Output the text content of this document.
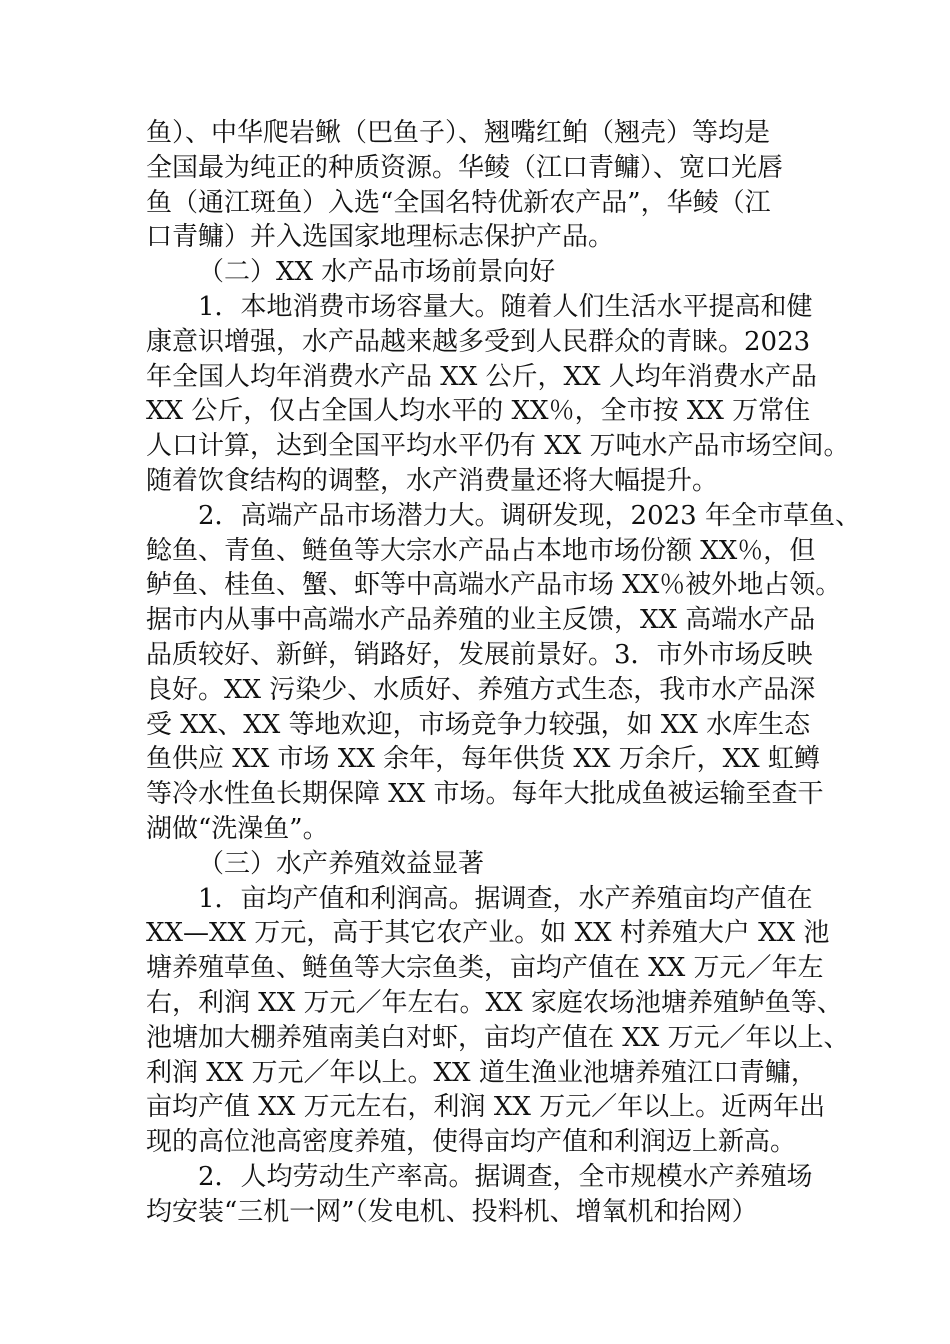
鱼）、中华爬岩鳅（巴鱼子）、翘嘴红鲌（翘壳）等均是
全国最为纯正的种质资源。华鲮（江口青鳙）、宽口光唇
鱼（通江斑鱼）入选“全国名特优新农产品”，华鲮（江
口青鳙）并入选国家地理标志保护产品。
（二）XX 水产品市场前景向好
1．本地消费市场容量大。随着人们生活水平提高和健
康意识增强，水产品越来越多受到人民群众的青睐。2023
年全国人均年消费水产品 XX 公斤，XX 人均年消费水产品
XX 公斤，仅占全国人均水平的 XX％，全市按 XX 万常住
人口计算，达到全国平均水平仍有 XX 万吨水产品市场空间。
随着饮食结构的调整，水产消费量还将大幅提升。
2．高端产品市场潜力大。调研发现，2023 年全市草鱼、
鲶鱼、青鱼、鲢鱼等大宗水产品占本地市场份额 XX％，但
鲈鱼、桂鱼、蟹、虾等中高端水产品市场 XX％被外地占领。
据市内从事中高端水产品养殖的业主反馈，XX 高端水产品
品质较好、新鲜，销路好，发展前景好。3．市外市场反映
良好。XX 污染少、水质好、养殖方式生态，我市水产品深
受 XX、XX 等地欢迎，市场竞争力较强，如 XX 水库生态
鱼供应 XX 市场 XX 余年，每年供货 XX 万余斤，XX 虹鳟
等冷水性鱼长期保障 XX 市场。每年大批成鱼被运输至查干
湖做“洗澡鱼”。
（三）水产养殖效益显著
1．亩均产值和利润高。据调查，水产养殖亩均产值在
XX—XX 万元，高于其它农产业。如 XX 村养殖大户 XX 池
塘养殖草鱼、鲢鱼等大宗鱼类，亩均产值在 XX 万元／年左
右，利润 XX 万元／年左右。XX 家庭农场池塘养殖鲈鱼等、
池塘加大棚养殖南美白对虾，亩均产值在 XX 万元／年以上、
利润 XX 万元／年以上。XX 道生渔业池塘养殖江口青鳙，
亩均产值 XX 万元左右，利润 XX 万元／年以上。近两年出
现的高位池高密度养殖，使得亩均产值和利润迈上新高。
2．人均劳动生产率高。据调查，全市规模水产养殖场
均安装“三机一网”（发电机、投料机、增氧机和抬网）
